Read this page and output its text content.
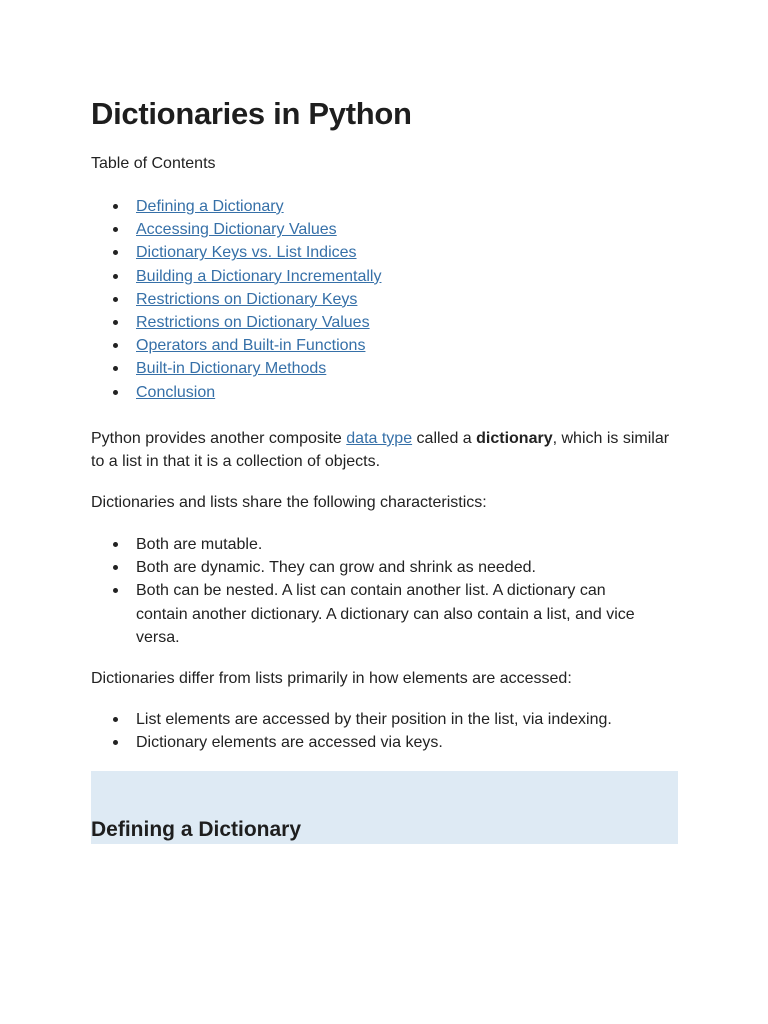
Dictionaries in Python
Table of Contents
Defining a Dictionary
Accessing Dictionary Values
Dictionary Keys vs. List Indices
Building a Dictionary Incrementally
Restrictions on Dictionary Keys
Restrictions on Dictionary Values
Operators and Built-in Functions
Built-in Dictionary Methods
Conclusion

Python provides another composite data type called a dictionary, which is similar to a list in that it is a collection of objects.

Dictionaries and lists share the following characteristics:

Both are mutable.
Both are dynamic. They can grow and shrink as needed.
Both can be nested. A list can contain another list. A dictionary can contain another dictionary. A dictionary can also contain a list, and vice versa.

Dictionaries differ from lists primarily in how elements are accessed:

List elements are accessed by their position in the list, via indexing.
Dictionary elements are accessed via keys.
Defining a Dictionary
